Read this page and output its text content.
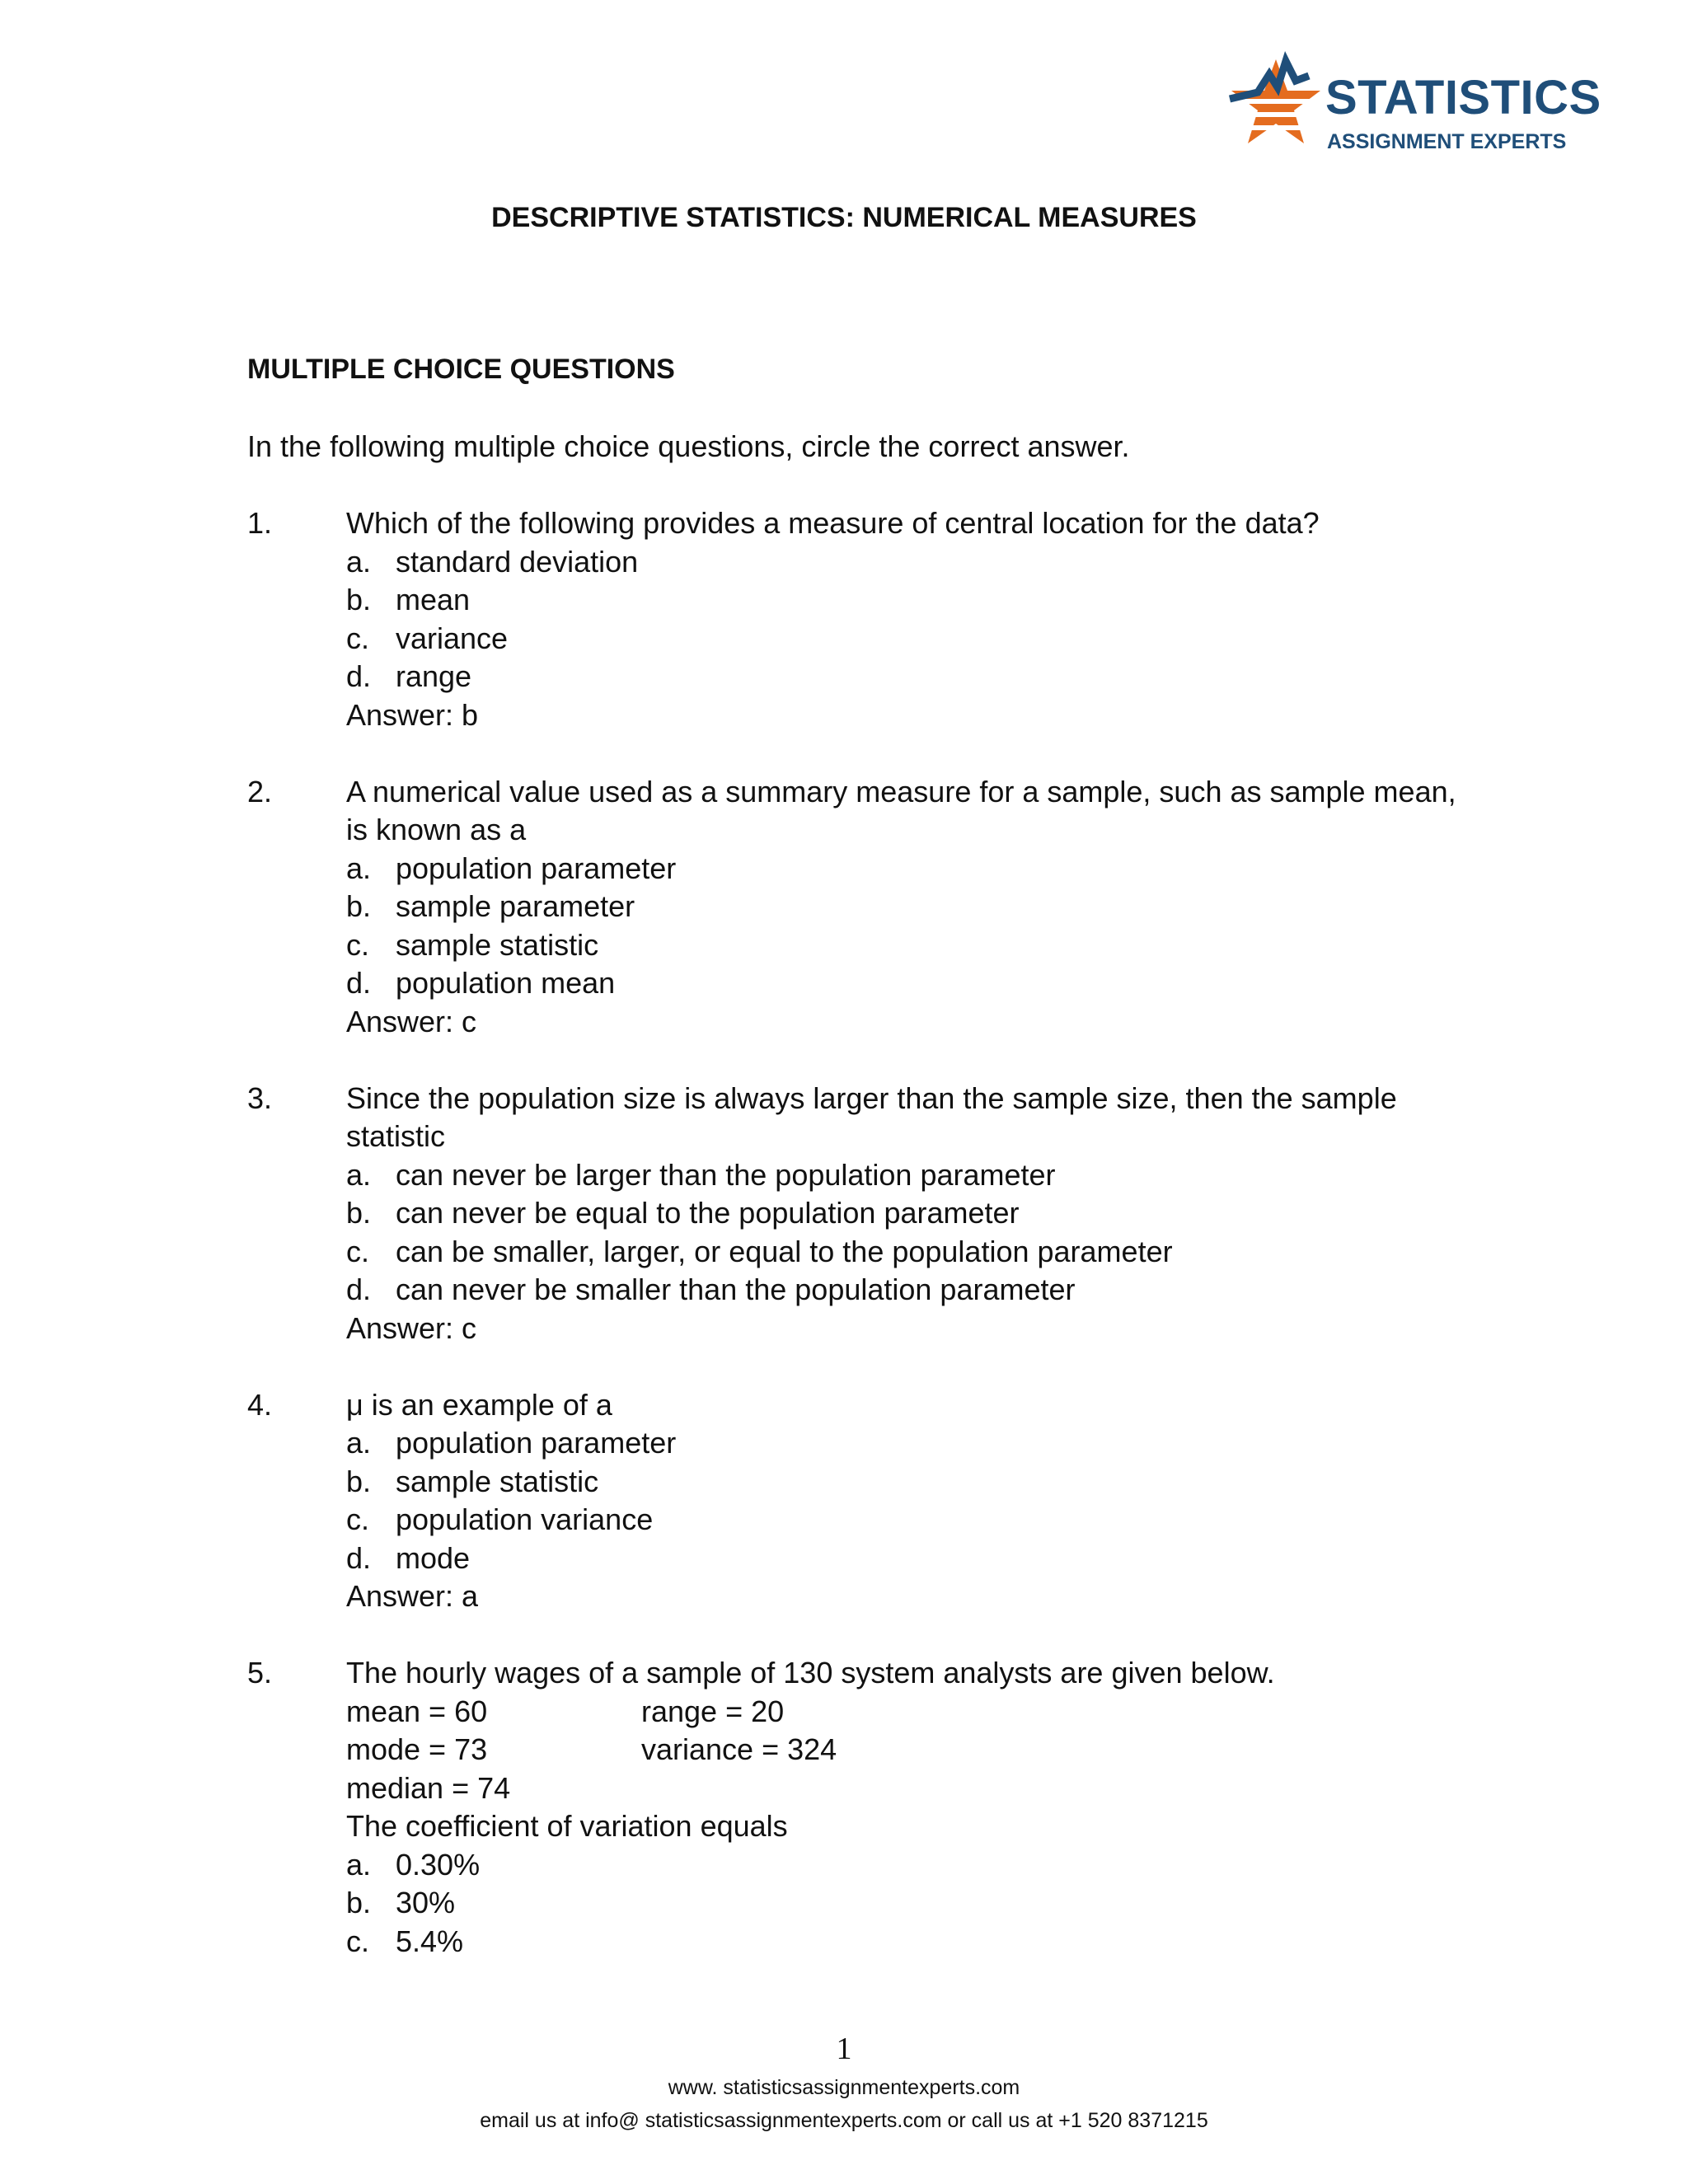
STATISTICS
ASSIGNMENT EXPERTS
DESCRIPTIVE STATISTICS: NUMERICAL MEASURES
MULTIPLE CHOICE QUESTIONS
In the following multiple choice questions, circle the correct answer.
1. Which of the following provides a measure of central location for the data?
a. standard deviation
b. mean
c. variance
d. range
Answer: b
2. A numerical value used as a summary measure for a sample, such as sample mean, is known as a
a. population parameter
b. sample parameter
c. sample statistic
d. population mean
Answer: c
3. Since the population size is always larger than the sample size, then the sample statistic
a. can never be larger than the population parameter
b. can never be equal to the population parameter
c. can be smaller, larger, or equal to the population parameter
d. can never be smaller than the population parameter
Answer: c
4. μ is an example of a
a. population parameter
b. sample statistic
c. population variance
d. mode
Answer: a
5. The hourly wages of a sample of 130 system analysts are given below.
mean = 60	range = 20
mode = 73	variance = 324
median = 74
The coefficient of variation equals
a. 0.30%
b. 30%
c. 5.4%
1
www. statisticsassignmentexperts.com
email us at info@ statisticsassignmentexperts.com or call us at +1 520 8371215
